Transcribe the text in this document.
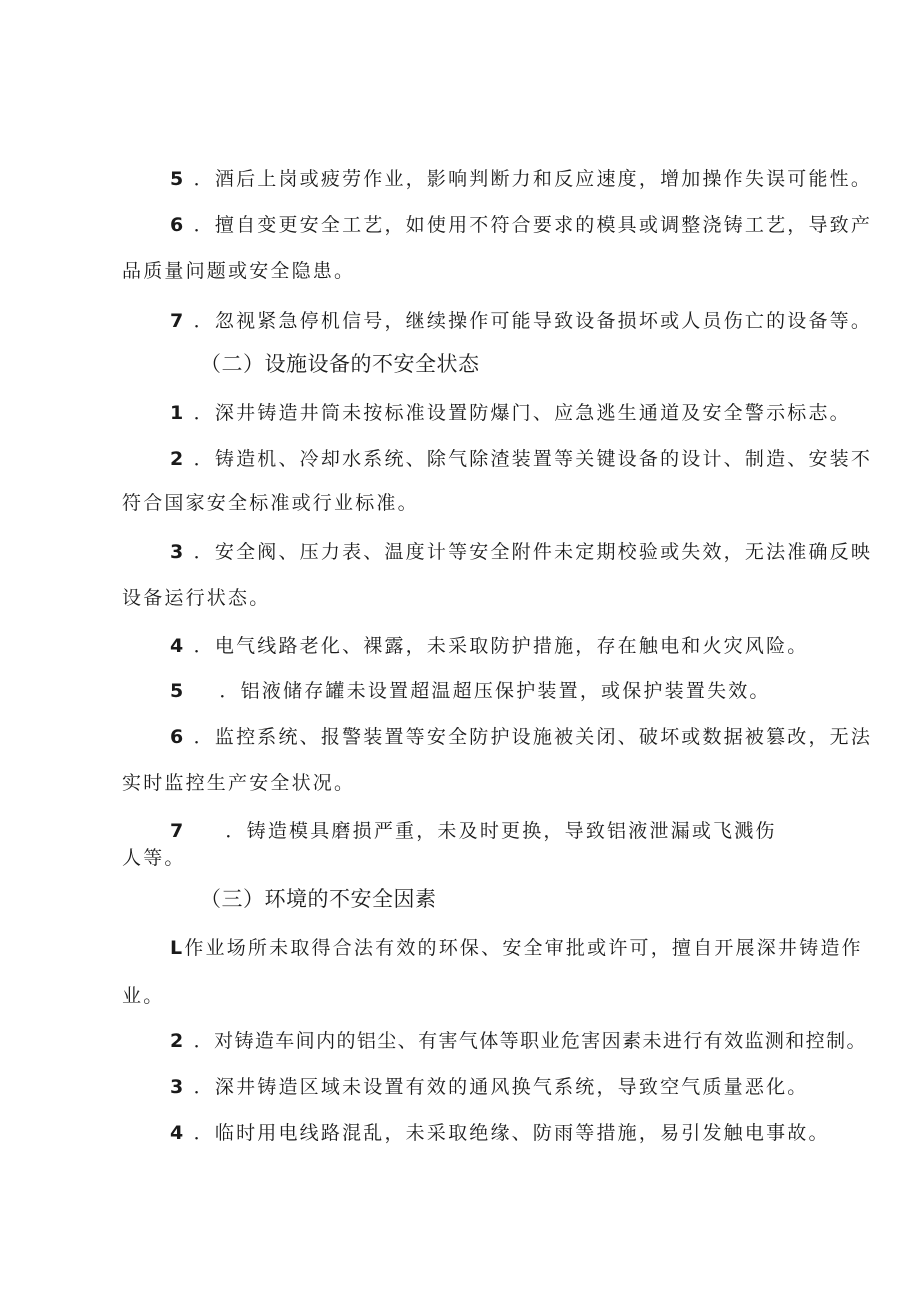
5 ．酒后上岗或疲劳作业，影响判断力和反应速度，增加操作失误可能性。
6 ．擅自变更安全工艺，如使用不符合要求的模具或调整浇铸工艺，导致产
品质量问题或安全隐患。
7 ．忽视紧急停机信号，继续操作可能导致设备损坏或人员伤亡的设备等。
（二）设施设备的不安全状态
1 ．深井铸造井筒未按标准设置防爆门、应急逃生通道及安全警示标志。
2 ．铸造机、冷却水系统、除气除渣装置等关键设备的设计、制造、安装不
符合国家安全标准或行业标准。
3 ．安全阀、压力表、温度计等安全附件未定期校验或失效，无法准确反映
设备运行状态。
4 ．电气线路老化、裸露，未采取防护措施，存在触电和火灾风险。
5 ．铝液储存罐未设置超温超压保护装置，或保护装置失效。
6 ．监控系统、报警装置等安全防护设施被关闭、破坏或数据被篡改，无法
实时监控生产安全状况。
7 ．铸造模具磨损严重，未及时更换，导致铝液泄漏或飞溅伤
人等。
（三）环境的不安全因素
L作业场所未取得合法有效的环保、安全审批或许可，擅自开展深井铸造作
业。
2 ．对铸造车间内的铝尘、有害气体等职业危害因素未进行有效监测和控制。
3 ．深井铸造区域未设置有效的通风换气系统，导致空气质量恶化。
4 ．临时用电线路混乱，未采取绝缘、防雨等措施，易引发触电事故。
